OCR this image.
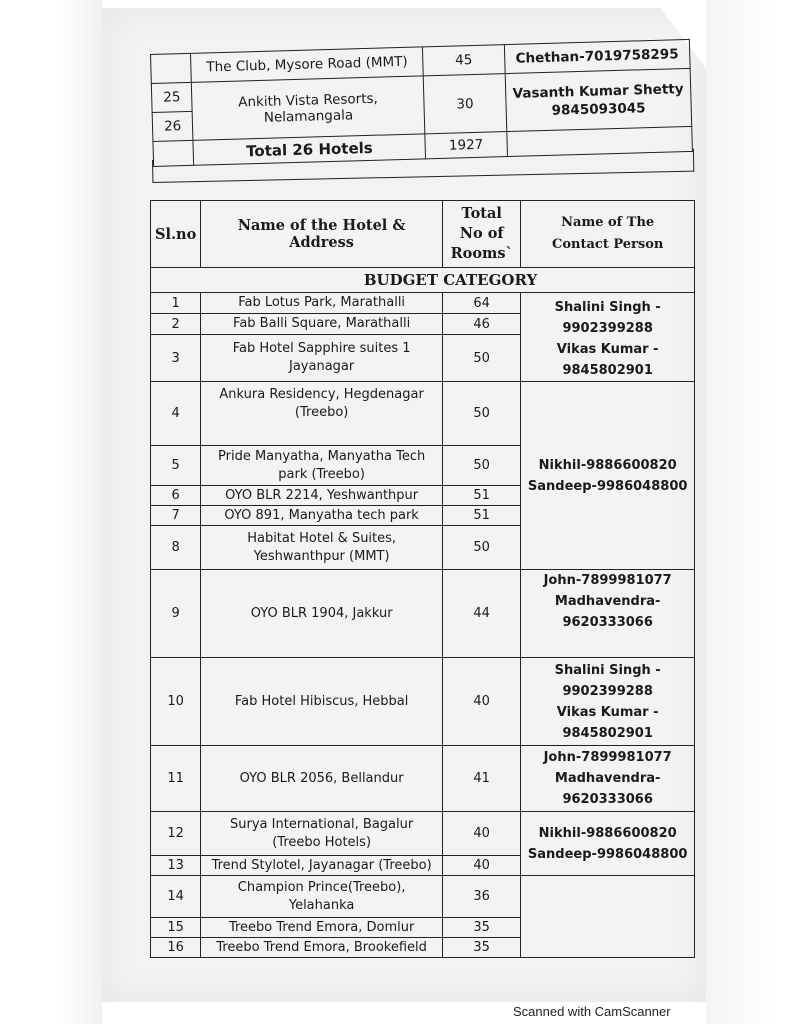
	The Club, Mysore Road (MMT)	45	Chethan-7019758295
25	Ankith Vista Resorts, Nelamangala	30	Vasanth Kumar Shetty
9845093045
26			
	Total 26 Hotels	1927	
Sl.no	Name of the Hotel & Address	Total
No of
Rooms`	Name of The
Contact Person
BUDGET CATEGORY			
1	Fab Lotus Park, Marathalli	64	Shalini Singh -
9902399288
Vikas Kumar -
9845802901
2	Fab Balli Square, Marathalli	46	
3	Fab Hotel Sapphire suites 1
Jayanagar	50	
4	Ankura Residency, Hegdenagar
(Treebo)	50	Nikhil-9886600820
Sandeep-9986048800
5	Pride Manyatha, Manyatha Tech
park (Treebo)	50	
6	OYO BLR 2214, Yeshwanthpur	51	
7	OYO 891, Manyatha tech park	51	
8	Habitat Hotel & Suites,
Yeshwanthpur (MMT)	50	
9	OYO BLR 1904, Jakkur	44	John-7899981077
Madhavendra-
9620333066
10	Fab Hotel Hibiscus, Hebbal	40	Shalini Singh -
9902399288
Vikas Kumar -
9845802901
11	OYO BLR 2056, Bellandur	41	John-7899981077
Madhavendra-
9620333066
12	Surya International, Bagalur
(Treebo Hotels)	40	Nikhil-9886600820
Sandeep-9986048800
13	Trend Stylotel, Jayanagar (Treebo)	40	
14	Champion Prince(Treebo),
Yelahanka	36	
15	Treebo Trend Emora, Domlur	35	
16	Treebo Trend Emora, Brookefield	35	
Scanned with CamScanner
